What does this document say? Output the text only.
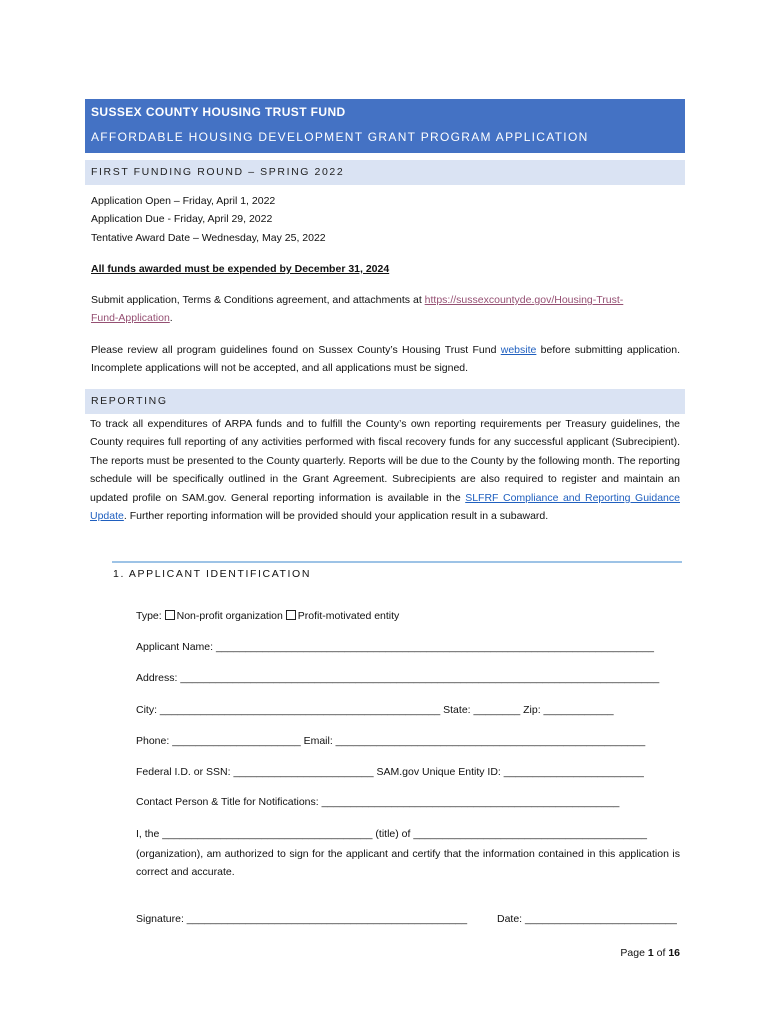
SUSSEX COUNTY HOUSING TRUST FUND
AFFORDABLE HOUSING DEVELOPMENT GRANT PROGRAM APPLICATION
FIRST FUNDING ROUND – SPRING 2022
Application Open – Friday, April 1, 2022
Application Due - Friday, April 29, 2022
Tentative Award Date – Wednesday, May 25, 2022
All funds awarded must be expended by December 31, 2024
Submit application, Terms & Conditions agreement, and attachments at https://sussexcountyde.gov/Housing-Trust-
Fund-Application.
Please review all program guidelines found on Sussex County’s Housing Trust Fund website before submitting application. Incomplete applications will not be accepted, and all applications must be signed.
REPORTING
To track all expenditures of ARPA funds and to fulfill the County’s own reporting requirements per Treasury guidelines, the County requires full reporting of any activities performed with fiscal recovery funds for any successful applicant (Subrecipient). The reports must be presented to the County quarterly. Reports will be due to the County by the following month. The reporting schedule will be specifically outlined in the Grant Agreement. Subrecipients are also required to register and maintain an updated profile on SAM.gov. General reporting information is available in the SLFRF Compliance and Reporting Guidance Update. Further reporting information will be provided should your application result in a subaward.
1. APPLICANT IDENTIFICATION
Type: Non-profit organization Profit-motivated entity
Applicant Name: ___________________________________________________________________________
Address: __________________________________________________________________________________
City: ________________________________________________ State: ________ Zip: ____________
Phone: ______________________ Email: _____________________________________________________
Federal I.D. or SSN: ________________________ SAM.gov Unique Entity ID: ________________________
Contact Person & Title for Notifications: ___________________________________________________
I, the ____________________________________ (title) of ________________________________________
(organization), am authorized to sign for the applicant and certify that the information contained in this application is correct and accurate.
Signature: ________________________________________________	Date: __________________________
Page 1 of 16
